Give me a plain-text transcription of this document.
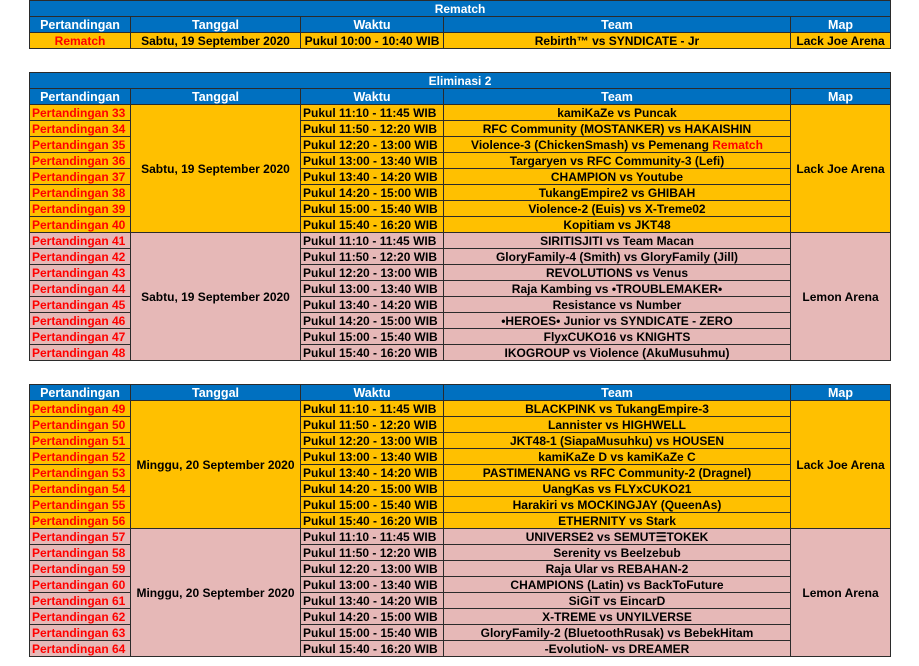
Rematch				
Pertandingan	Tanggal	Waktu	Team	Map
Rematch	Sabtu, 19 September 2020	Pukul 10:00 - 10:40 WIB	Rebirth™ vs SYNDICATE - Jr	Lack Joe Arena
Eliminasi 2				
Pertandingan	Tanggal	Waktu	Team	Map
Pertandingan 33	Sabtu, 19 September 2020	Pukul 11:10 - 11:45 WIB	kamiKaZe vs Puncak	Lack Joe Arena
Pertandingan 34		Pukul 11:50 - 12:20 WIB	RFC Community (MOSTANKER) vs HAKAISHIN	
Pertandingan 35		Pukul 12:20 - 13:00 WIB	Violence-3 (ChickenSmash) vs Pemenang Rematch	
Pertandingan 36		Pukul 13:00 - 13:40 WIB	Targaryen vs RFC Community-3 (Lefi)	
Pertandingan 37		Pukul 13:40 - 14:20 WIB	CHAMPION vs Youtube	
Pertandingan 38		Pukul 14:20 - 15:00 WIB	TukangEmpire2 vs GHIBAH	
Pertandingan 39		Pukul 15:00 - 15:40 WIB	Violence-2 (Euis) vs X-Treme02	
Pertandingan 40		Pukul 15:40 - 16:20 WIB	Kopitiam vs JKT48	
Pertandingan 41	Sabtu, 19 September 2020	Pukul 11:10 - 11:45 WIB	SIRITISJITI vs Team Macan	Lemon Arena
Pertandingan 42		Pukul 11:50 - 12:20 WIB	GloryFamily-4 (Smith) vs GloryFamily (Jill)	
Pertandingan 43		Pukul 12:20 - 13:00 WIB	REVOLUTIONS vs Venus	
Pertandingan 44		Pukul 13:00 - 13:40 WIB	Raja Kambing vs •TROUBLEMAKER•	
Pertandingan 45		Pukul 13:40 - 14:20 WIB	Resistance vs Number	
Pertandingan 46		Pukul 14:20 - 15:00 WIB	•HEROES• Junior vs SYNDICATE - ZERO	
Pertandingan 47		Pukul 15:00 - 15:40 WIB	FlyxCUKO16 vs KNIGHTS	
Pertandingan 48		Pukul 15:40 - 16:20 WIB	IKOGROUP vs Violence (AkuMusuhmu)	
Pertandingan	Tanggal	Waktu	Team	Map
Pertandingan 49	Minggu, 20 September 2020	Pukul 11:10 - 11:45 WIB	BLACKPINK vs TukangEmpire-3	Lack Joe Arena
Pertandingan 50		Pukul 11:50 - 12:20 WIB	Lannister vs HIGHWELL	
Pertandingan 51		Pukul 12:20 - 13:00 WIB	JKT48-1 (SiapaMusuhku) vs HOUSEN	
Pertandingan 52		Pukul 13:00 - 13:40 WIB	kamiKaZe D vs kamiKaZe C	
Pertandingan 53		Pukul 13:40 - 14:20 WIB	PASTIMENANG vs RFC Community-2 (Dragnel)	
Pertandingan 54		Pukul 14:20 - 15:00 WIB	UangKas vs FLYxCUKO21	
Pertandingan 55		Pukul 15:00 - 15:40 WIB	Harakiri vs MOCKINGJAY (QueenAs)	
Pertandingan 56		Pukul 15:40 - 16:20 WIB	ETHERNITY vs Stark	
Pertandingan 57	Minggu, 20 September 2020	Pukul 11:10 - 11:45 WIB	UNIVERSE2 vs SEMUT☰TOKEK	Lemon Arena
Pertandingan 58		Pukul 11:50 - 12:20 WIB	Serenity vs Beelzebub	
Pertandingan 59		Pukul 12:20 - 13:00 WIB	Raja Ular vs REBAHAN-2	
Pertandingan 60		Pukul 13:00 - 13:40 WIB	CHAMPIONS (Latin) vs BackToFuture	
Pertandingan 61		Pukul 13:40 - 14:20 WIB	SiGiT vs EincarD	
Pertandingan 62		Pukul 14:20 - 15:00 WIB	X-TREME vs UNYILVERSE	
Pertandingan 63		Pukul 15:00 - 15:40 WIB	GloryFamily-2 (BluetoothRusak) vs BebekHitam	
Pertandingan 64		Pukul 15:40 - 16:20 WIB	-EvolutioN- vs DREAMER	
